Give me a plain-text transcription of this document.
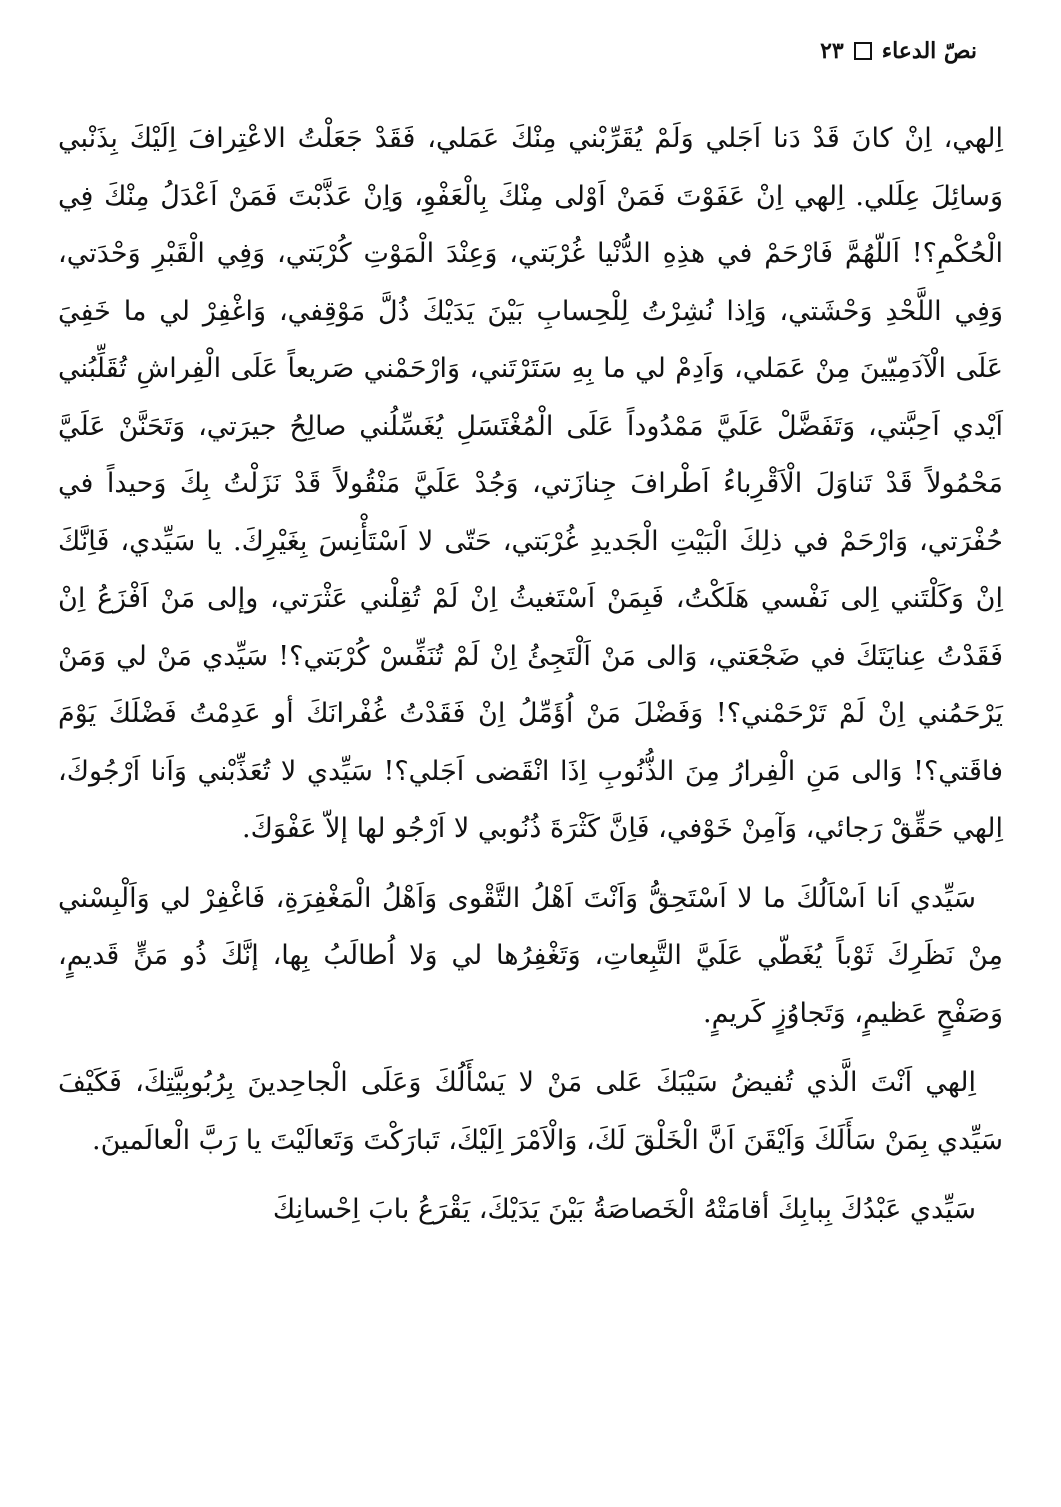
نصّ الدعاء
٢٣

اِلهي، اِنْ كانَ قَدْ دَنا اَجَلي وَلَمْ يُقَرِّبْني مِنْكَ عَمَلي، فَقَدْ جَعَلْتُ الاعْتِرافَ اِلَيْكَ بِذَنْبي وَسائِلَ عِلَلي. اِلهي اِنْ عَفَوْتَ فَمَنْ اَوْلى مِنْكَ بِالْعَفْوِ، وَاِنْ عَذَّبْتَ فَمَنْ اَعْدَلُ مِنْكَ فِي الْحُكْمِ؟! اَللّهُمَّ فَارْحَمْ في هذِهِ الدُّنْيا غُرْبَتي، وَعِنْدَ الْمَوْتِ كُرْبَتي، وَفِي الْقَبْرِ وَحْدَتي، وَفِي اللَّحْدِ وَحْشَتي، وَاِذا نُشِرْتُ لِلْحِسابِ بَيْنَ يَدَيْكَ ذُلَّ مَوْقِفي، وَاغْفِرْ لي ما خَفِيَ عَلَى الْآدَمِيّينَ مِنْ عَمَلي، وَاَدِمْ لي ما بِهِ سَتَرْتَني، وَارْحَمْني صَريعاً عَلَى الْفِراشِ تُقَلِّبُني اَيْدي اَحِبَّتي، وَتَفَضَّلْ عَلَيَّ مَمْدُوداً عَلَى الْمُغْتَسَلِ يُغَسِّلُني صالِحُ جيرَتي، وَتَحَنَّنْ عَلَيَّ مَحْمُولاً قَدْ تَناوَلَ الْاَقْرِباءُ اَطْرافَ جِنازَتي، وَجُدْ عَلَيَّ مَنْقُولاً قَدْ نَزَلْتُ بِكَ وَحيداً في حُفْرَتي، وَارْحَمْ في ذلِكَ الْبَيْتِ الْجَديدِ غُرْبَتي، حَتّى لا اَسْتَأْنِسَ بِغَيْرِكَ. يا سَيِّدي، فَاِنَّكَ اِنْ وَكَلْتَني اِلى نَفْسي هَلَكْتُ، فَبِمَنْ اَسْتَغيثُ اِنْ لَمْ تُقِلْني عَثْرَتي، وإلى مَنْ اَفْزَعُ اِنْ فَقَدْتُ عِنايَتَكَ في ضَجْعَتي، وَالى مَنْ اَلْتَجِئُ اِنْ لَمْ تُنَفِّسْ كُرْبَتي؟! سَيِّدي مَنْ لي وَمَنْ يَرْحَمُني اِنْ لَمْ تَرْحَمْني؟! وَفَضْلَ مَنْ اُؤَمِّلُ اِنْ فَقَدْتُ غُفْرانَكَ أو عَدِمْتُ فَضْلَكَ يَوْمَ فاقَتي؟! وَالى مَنِ الْفِرارُ مِنَ الذُّنُوبِ اِذَا انْقَضى اَجَلي؟! سَيِّدي لا تُعَذِّبْني وَاَنا اَرْجُوكَ، اِلهي حَقِّقْ رَجائي، وَآمِنْ خَوْفي، فَاِنَّ كَثْرَةَ ذُنُوبي لا اَرْجُو لها إلاّ عَفْوَكَ.

سَيِّدي اَنا اَسْاَلُكَ ما لا اَسْتَحِقُّ وَاَنْتَ اَهْلُ التَّقْوى وَاَهْلُ الْمَغْفِرَةِ، فَاغْفِرْ لي وَاَلْبِسْني مِنْ نَظَرِكَ ثَوْباً يُغَطّي عَلَيَّ التَّبِعاتِ، وَتَغْفِرُها لي وَلا اُطالَبُ بِها، إنَّكَ ذُو مَنٍّ قَديمٍ، وَصَفْحٍ عَظيمٍ، وَتَجاوُزٍ كَريمٍ.

اِلهي اَنْتَ الَّذي تُفيضُ سَيْبَكَ عَلى مَنْ لا يَسْأَلُكَ وَعَلَى الْجاحِدينَ بِرُبُوبِيَّتِكَ، فَكَيْفَ سَيِّدي بِمَنْ سَأَلَكَ وَاَيْقَنَ اَنَّ الْخَلْقَ لَكَ، وَالْاَمْرَ اِلَيْكَ، تَبارَكْتَ وَتَعالَيْتَ يا رَبَّ الْعالَمينَ.

سَيِّدي عَبْدُكَ بِبابِكَ أقامَتْهُ الْخَصاصَةُ بَيْنَ يَدَيْكَ، يَقْرَعُ بابَ اِحْسانِكَ
